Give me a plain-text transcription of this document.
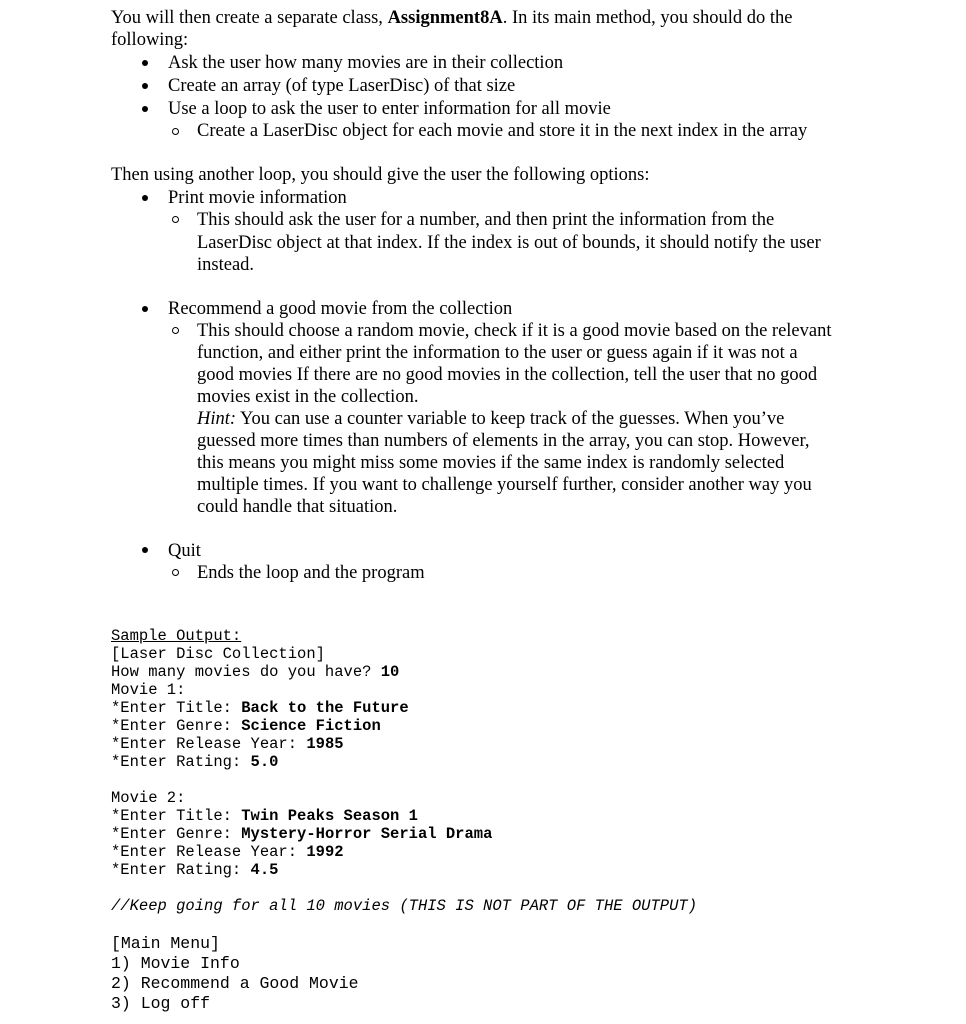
You will then create a separate class, Assignment8A. In its main method, you should do the
following:
Ask the user how many movies are in their collection
Create an array (of type LaserDisc) of that size
Use a loop to ask the user to enter information for all movie
Create a LaserDisc object for each movie and store it in the next index in the array
Then using another loop, you should give the user the following options:
Print movie information
This should ask the user for a number, and then print the information from the
LaserDisc object at that index. If the index is out of bounds, it should notify the user
instead.
Recommend a good movie from the collection
This should choose a random movie, check if it is a good movie based on the relevant
function, and either print the information to the user or guess again if it was not a
good movies If there are no good movies in the collection, tell the user that no good
movies exist in the collection.
Hint: You can use a counter variable to keep track of the guesses. When you’ve
guessed more times than numbers of elements in the array, you can stop. However,
this means you might miss some movies if the same index is randomly selected
multiple times. If you want to challenge yourself further, consider another way you
could handle that situation.
Quit
Ends the loop and the program
Sample Output:
[Laser Disc Collection]
How many movies do you have? 10
Movie 1:
*Enter Title: Back to the Future
*Enter Genre: Science Fiction
*Enter Release Year: 1985
*Enter Rating: 5.0
Movie 2:
*Enter Title: Twin Peaks Season 1
*Enter Genre: Mystery-Horror Serial Drama
*Enter Release Year: 1992
*Enter Rating: 4.5
//Keep going for all 10 movies (THIS IS NOT PART OF THE OUTPUT)
[Main Menu]
1) Movie Info
2) Recommend a Good Movie
3) Log off
